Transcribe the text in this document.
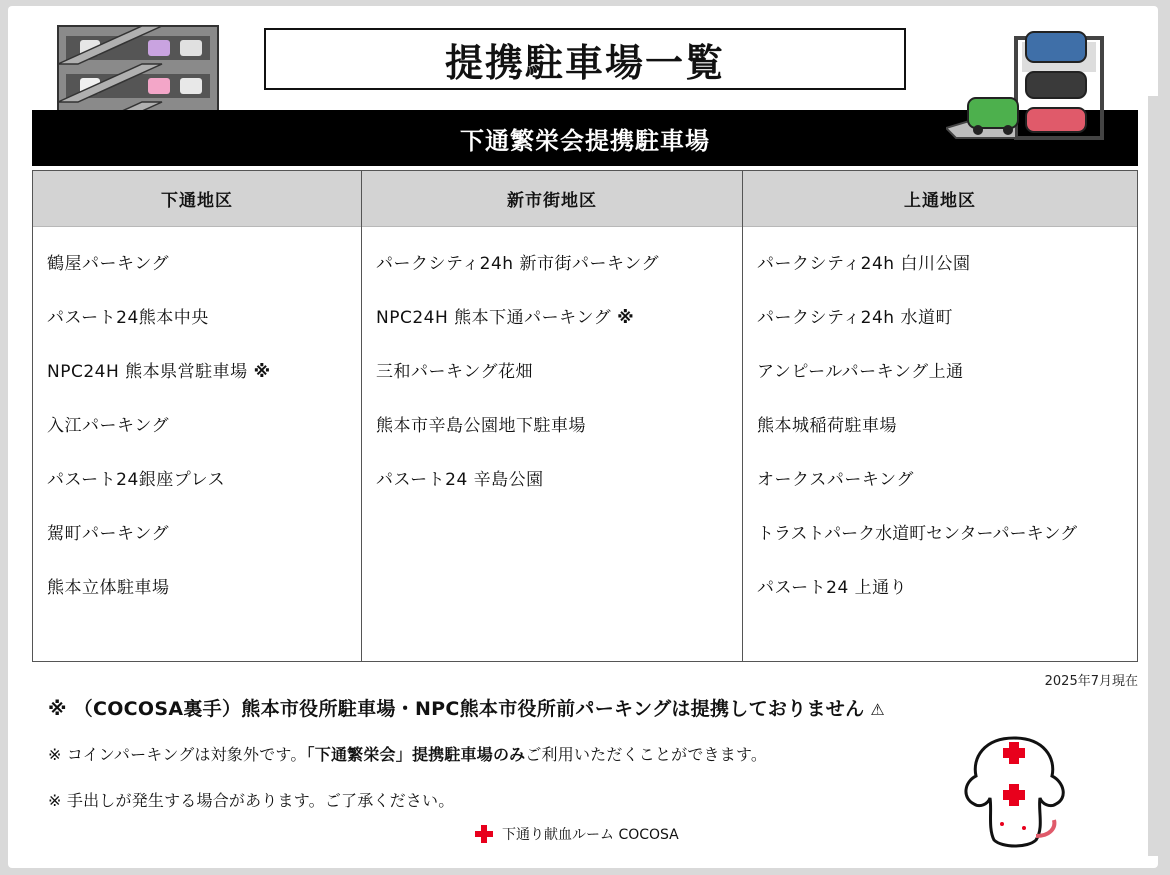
提携駐車場一覧
下通繁栄会提携駐車場
下通地区
鶴屋パーキング
パスート24熊本中央
NPC24H 熊本県営駐車場 ※
入江パーキング
パスート24銀座プレス
駕町パーキング
熊本立体駐車場
新市街地区
パークシティ24h 新市街パーキング
NPC24H 熊本下通パーキング ※
三和パーキング花畑
熊本市辛島公園地下駐車場
パスート24 辛島公園
上通地区
パークシティ24h 白川公園
パークシティ24h 水道町
アンピールパーキング上通
熊本城稲荷駐車場
オークスパーキング
トラストパーク水道町センターパーキング
パスート24 上通り
2025年7月現在
※ （COCOSA裏手）熊本市役所駐車場・NPC熊本市役所前パーキングは提携しておりません ⚠
※ コインパーキングは対象外です。「下通繁栄会」提携駐車場のみご利用いただくことができます。
※ 手出しが発生する場合があります。ご了承ください。
下通り献血ルーム COCOSA
